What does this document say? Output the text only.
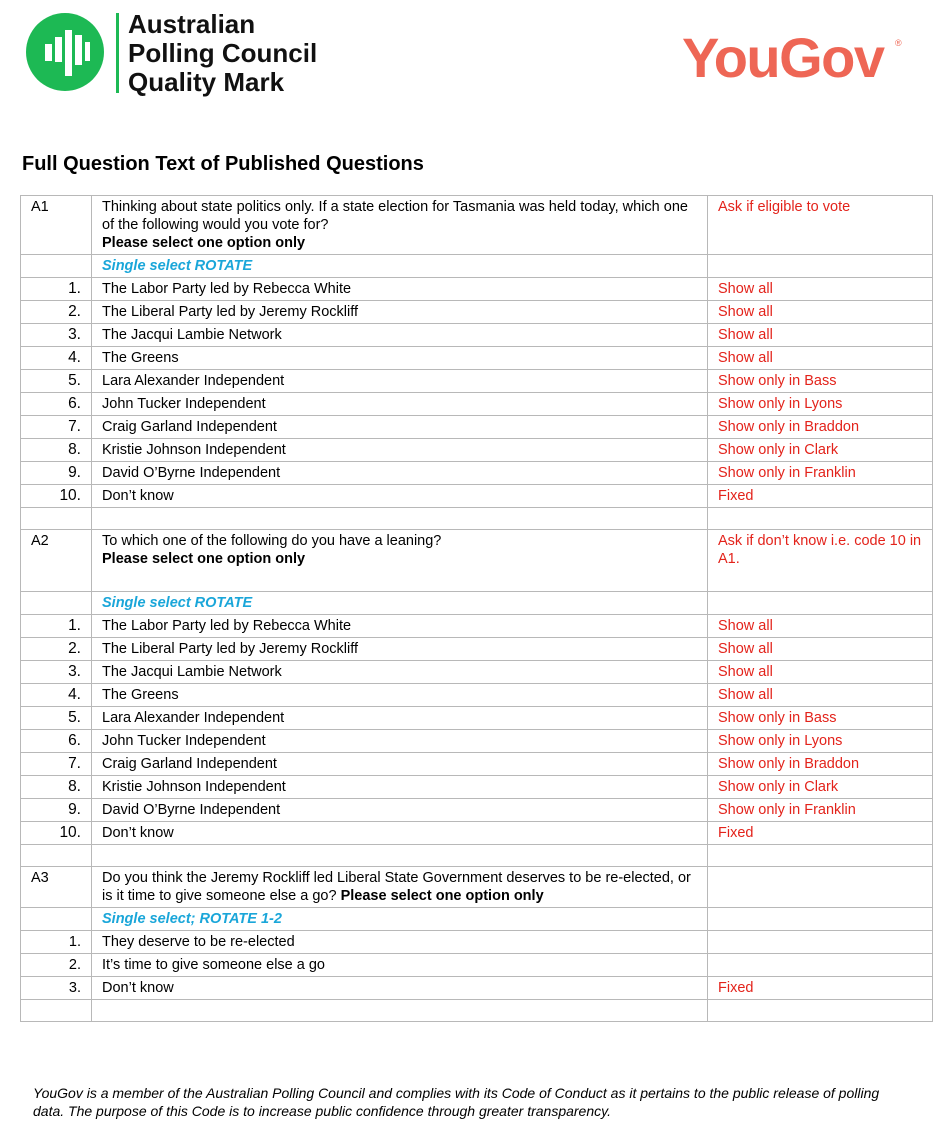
Australian
Polling Council
Quality Mark	YouGov ®
Full Question Text of Published Questions
A1	Thinking about state politics only. If a state election for Tasmania was held today, which one of the following would you vote for?
Please select one option only	Ask if eligible to vote
	Single select ROTATE	
1.	The Labor Party led by Rebecca White	Show all
2.	The Liberal Party led by Jeremy Rockliff	Show all
3.	The Jacqui Lambie Network	Show all
4.	The Greens	Show all
5.	Lara Alexander Independent	Show only in Bass
6.	John Tucker Independent	Show only in Lyons
7.	Craig Garland Independent	Show only in Braddon
8.	Kristie Johnson Independent	Show only in Clark
9.	David O’Byrne Independent	Show only in Franklin
10.	Don’t know	Fixed

A2	To which one of the following do you have a leaning?
Please select one option only	Ask if don’t know i.e. code 10 in A1.
	Single select ROTATE	
1.	The Labor Party led by Rebecca White	Show all
2.	The Liberal Party led by Jeremy Rockliff	Show all
3.	The Jacqui Lambie Network	Show all
4.	The Greens	Show all
5.	Lara Alexander Independent	Show only in Bass
6.	John Tucker Independent	Show only in Lyons
7.	Craig Garland Independent	Show only in Braddon
8.	Kristie Johnson Independent	Show only in Clark
9.	David O’Byrne Independent	Show only in Franklin
10.	Don’t know	Fixed

A3	Do you think the Jeremy Rockliff led Liberal State Government deserves to be re-elected, or is it time to give someone else a go? Please select one option only	
	Single select; ROTATE 1-2	
1.	They deserve to be re-elected	
2.	It’s time to give someone else a go	
3.	Don’t know	Fixed

YouGov is a member of the Australian Polling Council and complies with its Code of Conduct as it pertains to the public release of polling data. The purpose of this Code is to increase public confidence through greater transparency.
